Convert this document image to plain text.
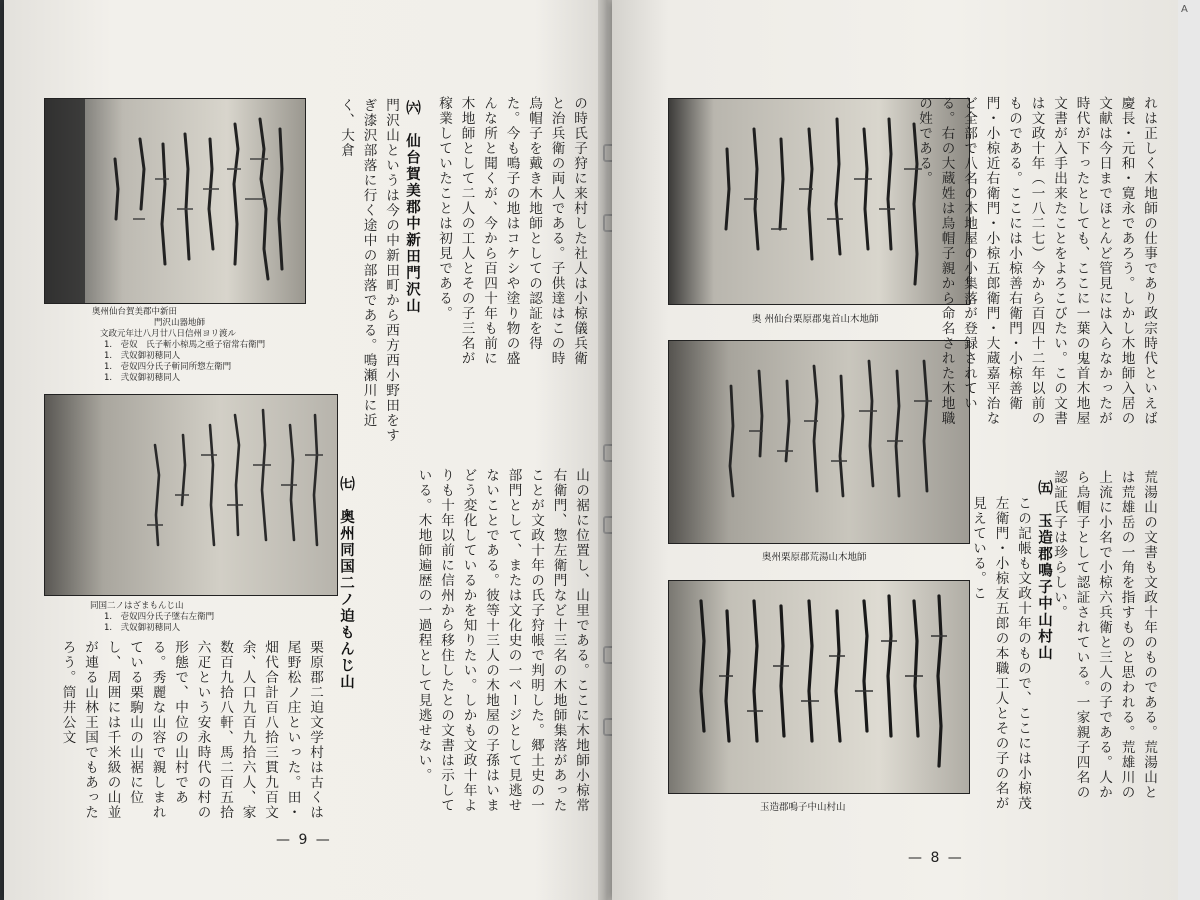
奥州仙台賀美郡中新田
門沢山器地師
文政元年辻八月廿八日信州ヨリ渡ル
1.　壱奴　氏子斬小椋馬之亟子宿常右衛門
1.　弐奴御初穂同人
1.　壱奴四分氏子斬同所惣左衛門
1.　弐奴御初穂同人
同国二ノはざまもんじ山
1.　壱奴四分氏子墜右左衛門
1.　弐奴御初穂同人
の時氏子狩に来村した社人は小椋儀兵衛と治兵衛の両人である。子供達はこの時烏帽子を戴き木地師としての認証を得た。今も鳴子の地はコケシや塗り物の盛んな所と聞くが、今から百四十年も前に木地師として二人の工人とその子三名が稼業していたことは初見である。
㈥　仙台賀美郡中新田門沢山
門沢山というは今の中新田町から西方西小野田をすぎ漆沢部落に行く途中の部落である。鳴瀬川に近く、大倉
山の裾に位置し、山里である。ここに木地師小椋常右衛門、惣左衛門など十三名の木地師集落があったことが文政十年の氏子狩帳で判明した。郷土史の一部門として、または文化史の一ページとして見逃せないことである。彼等十三人の木地屋の子孫はいまどう変化しているかを知りたい。しかも文政十年よりも十年以前に信州から移住したとの文書は示している。木地師遍歴の一過程として見逃せない。
㈦　奥州同国二ノ迫もんじ山
栗原郡二迫文学村は古くは尾野松ノ庄といった。田・畑代合計百八拾三貫九百文余、人口九百九拾六人、家数百九拾八軒、馬二百五拾六疋という安永時代の村の形態で、中位の山村である。秀麗な山容で親しまれている栗駒山の山裾に位し、周囲には千米級の山並が連る山林王国でもあったろう。筒井公文
— 9 —
奥 州仙台栗原郡鬼首山木地師
奥州栗原郡荒湯山木地師
玉造郡鳴子中山村山
れは正しく木地師の仕事であり政宗時代といえば慶長・元和・寛永であろう。しかし木地師入居の文献は今日までほとんど管見には入らなかったが時代が下ったとしても、ここに一葉の鬼首木地屋文書が入手出来たことをよろこびたい。この文書は文政十年（一八二七）今から百四十二年以前のものである。ここには小椋善右衛門・小椋善衛門・小椋近右衛門・小椋五郎衛門・大蔵嘉平治など全部で八名の木地屋の小集落が登録されている。右の大蔵姓は烏帽子親から命名された木地職の姓である。
荒湯山の文書も文政十年のものである。荒湯山とは荒雄岳の一角を指すものと思われる。荒雄川の上流に小名で小椋六兵衛と三人の子である。人から烏帽子として認証されている。一家親子四名の認証氏子は珍らしい。
㈤　玉造郡鳴子中山村山
この記帳も文政十年のもので、ここには小椋茂左衛門・小椋友五郎の本職工人とその子の名が見えている。こ
— 8 —
A
